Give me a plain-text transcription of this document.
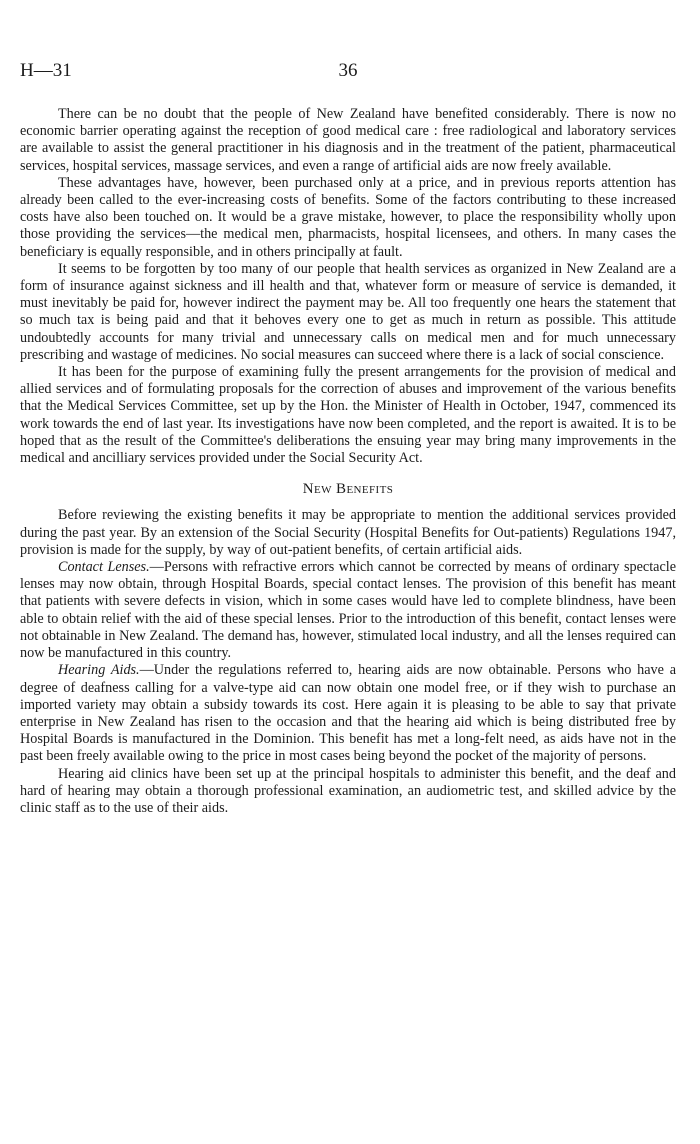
H—31	36

There can be no doubt that the people of New Zealand have benefited considerably. There is now no economic barrier operating against the reception of good medical care : free radiological and laboratory services are available to assist the general practitioner in his diagnosis and in the treatment of the patient, pharmaceutical services, hospital services, massage services, and even a range of artificial aids are now freely available.

These advantages have, however, been purchased only at a price, and in previous reports attention has already been called to the ever-increasing costs of benefits. Some of the factors contributing to these increased costs have also been touched on. It would be a grave mistake, however, to place the responsibility wholly upon those providing the services—the medical men, pharmacists, hospital licensees, and others. In many cases the beneficiary is equally responsible, and in others principally at fault.

It seems to be forgotten by too many of our people that health services as organized in New Zealand are a form of insurance against sickness and ill health and that, whatever form or measure of service is demanded, it must inevitably be paid for, however indirect the payment may be. All too frequently one hears the statement that so much tax is being paid and that it behoves every one to get as much in return as possible. This attitude undoubtedly accounts for many trivial and unnecessary calls on medical men and for much unnecessary prescribing and wastage of medicines. No social measures can succeed where there is a lack of social conscience.

It has been for the purpose of examining fully the present arrangements for the provision of medical and allied services and of formulating proposals for the correction of abuses and improvement of the various benefits that the Medical Services Committee, set up by the Hon. the Minister of Health in October, 1947, commenced its work towards the end of last year. Its investigations have now been completed, and the report is awaited. It is to be hoped that as the result of the Committee's deliberations the ensuing year may bring many improvements in the medical and ancilliary services provided under the Social Security Act.

New Benefits

Before reviewing the existing benefits it may be appropriate to mention the additional services provided during the past year. By an extension of the Social Security (Hospital Benefits for Out-patients) Regulations 1947, provision is made for the supply, by way of out-patient benefits, of certain artificial aids.

Contact Lenses.—Persons with refractive errors which cannot be corrected by means of ordinary spectacle lenses may now obtain, through Hospital Boards, special contact lenses. The provision of this benefit has meant that patients with severe defects in vision, which in some cases would have led to complete blindness, have been able to obtain relief with the aid of these special lenses. Prior to the introduction of this benefit, contact lenses were not obtainable in New Zealand. The demand has, however, stimulated local industry, and all the lenses required can now be manufactured in this country.

Hearing Aids.—Under the regulations referred to, hearing aids are now obtainable. Persons who have a degree of deafness calling for a valve-type aid can now obtain one model free, or if they wish to purchase an imported variety may obtain a subsidy towards its cost. Here again it is pleasing to be able to say that private enterprise in New Zealand has risen to the occasion and that the hearing aid which is being distributed free by Hospital Boards is manufactured in the Dominion. This benefit has met a long-felt need, as aids have not in the past been freely available owing to the price in most cases being beyond the pocket of the majority of persons.

Hearing aid clinics have been set up at the principal hospitals to administer this benefit, and the deaf and hard of hearing may obtain a thorough professional examination, an audiometric test, and skilled advice by the clinic staff as to the use of their aids.
